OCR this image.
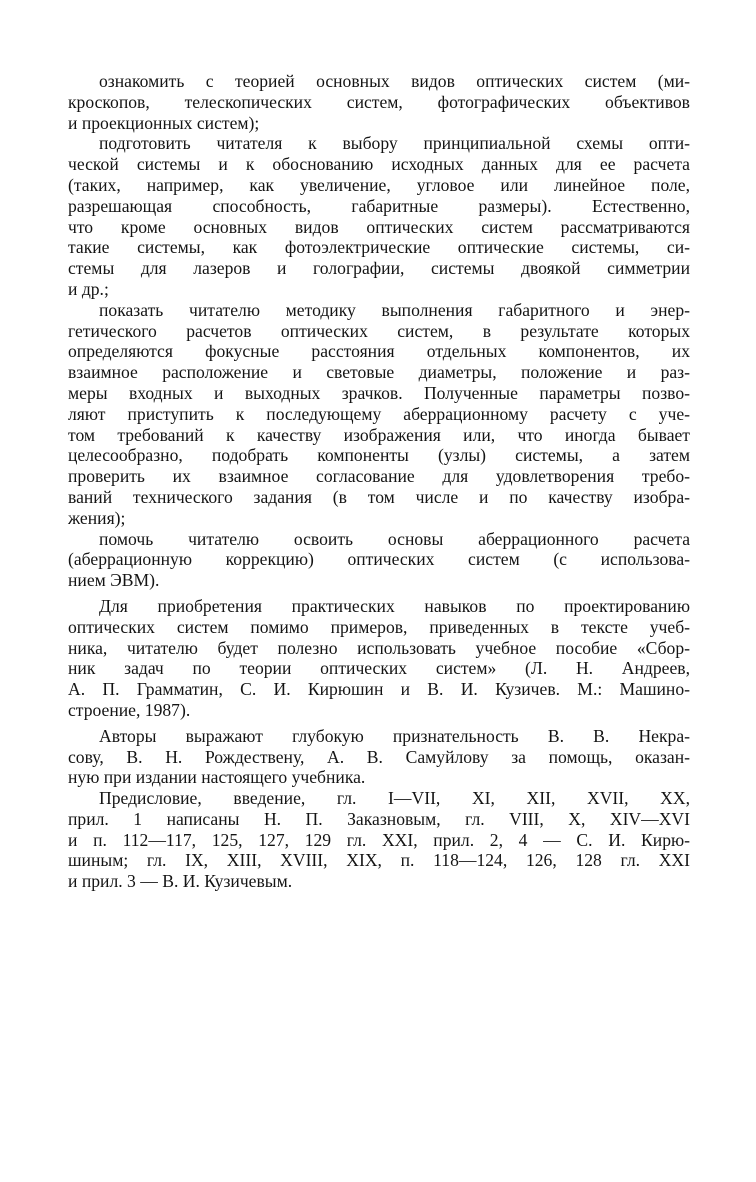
ознакомить с теорией основных видов оптических систем (ми-
кроскопов, телескопических систем, фотографических объективов
и проекционных систем);
подготовить читателя к выбору принципиальной схемы опти-
ческой системы и к обоснованию исходных данных для ее расчета
(таких, например, как увеличение, угловое или линейное поле,
разрешающая способность, габаритные размеры). Естественно,
что кроме основных видов оптических систем рассматриваются
такие системы, как фотоэлектрические оптические системы, си-
стемы для лазеров и голографии, системы двоякой симметрии
и др.;
показать читателю методику выполнения габаритного и энер-
гетического расчетов оптических систем, в результате которых
определяются фокусные расстояния отдельных компонентов, их
взаимное расположение и световые диаметры, положение и раз-
меры входных и выходных зрачков. Полученные параметры позво-
ляют приступить к последующему аберрационному расчету с уче-
том требований к качеству изображения или, что иногда бывает
целесообразно, подобрать компоненты (узлы) системы, а затем
проверить их взаимное согласование для удовлетворения требо-
ваний технического задания (в том числе и по качеству изобра-
жения);
помочь читателю освоить основы аберрационного расчета
(аберрационную коррекцию) оптических систем (с использова-
нием ЭВМ).
Для приобретения практических навыков по проектированию
оптических систем помимо примеров, приведенных в тексте учеб-
ника, читателю будет полезно использовать учебное пособие «Сбор-
ник задач по теории оптических систем» (Л. Н. Андреев,
А. П. Грамматин, С. И. Кирюшин и В. И. Кузичев. М.: Машино-
строение, 1987).
Авторы выражают глубокую признательность В. В. Некра-
сову, В. Н. Рождествену, А. В. Самуйлову за помощь, оказан-
ную при издании настоящего учебника.
Предисловие, введение, гл. I—VII, XI, XII, XVII, XX,
прил. 1 написаны Н. П. Заказновым, гл. VIII, X, XIV—XVI
и п. 112—117, 125, 127, 129 гл. XXI, прил. 2, 4 — С. И. Кирю-
шиным; гл. IX, XIII, XVIII, XIX, п. 118—124, 126, 128 гл. XXI
и прил. 3 — В. И. Кузичевым.
